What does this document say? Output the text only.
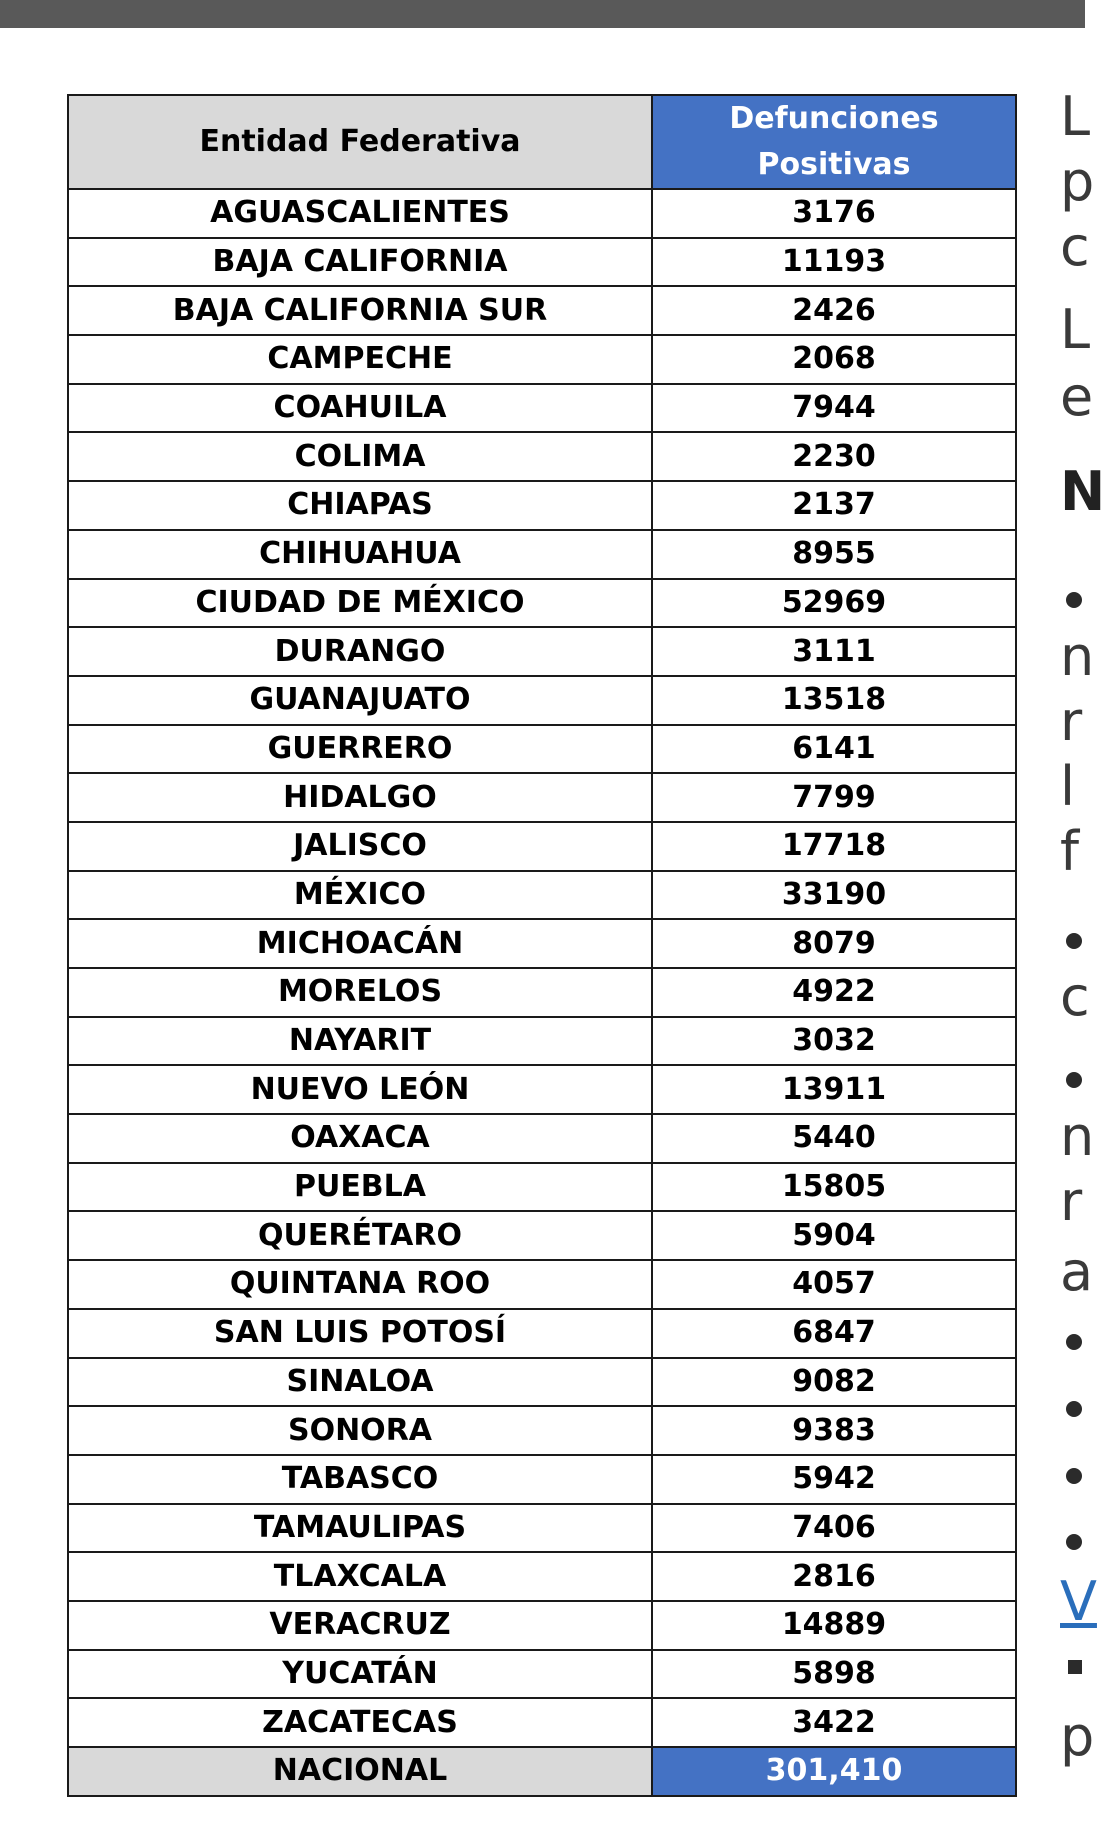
Entidad Federativa	Defunciones
Positivas
AGUASCALIENTES	3176
BAJA CALIFORNIA	11193
BAJA CALIFORNIA SUR	2426
CAMPECHE	2068
COAHUILA	7944
COLIMA	2230
CHIAPAS	2137
CHIHUAHUA	8955
CIUDAD DE MÉXICO	52969
DURANGO	3111
GUANAJUATO	13518
GUERRERO	6141
HIDALGO	7799
JALISCO	17718
MÉXICO	33190
MICHOACÁN	8079
MORELOS	4922
NAYARIT	3032
NUEVO LEÓN	13911
OAXACA	5440
PUEBLA	15805
QUERÉTARO	5904
QUINTANA ROO	4057
SAN LUIS POTOSÍ	6847
SINALOA	9082
SONORA	9383
TABASCO	5942
TAMAULIPAS	7406
TLAXCALA	2816
VERACRUZ	14889
YUCATÁN	5898
ZACATECAS	3422
NACIONAL	301,410
L
p
c
L
e
N
n
r
l
f
c
n
r
a
V
p
